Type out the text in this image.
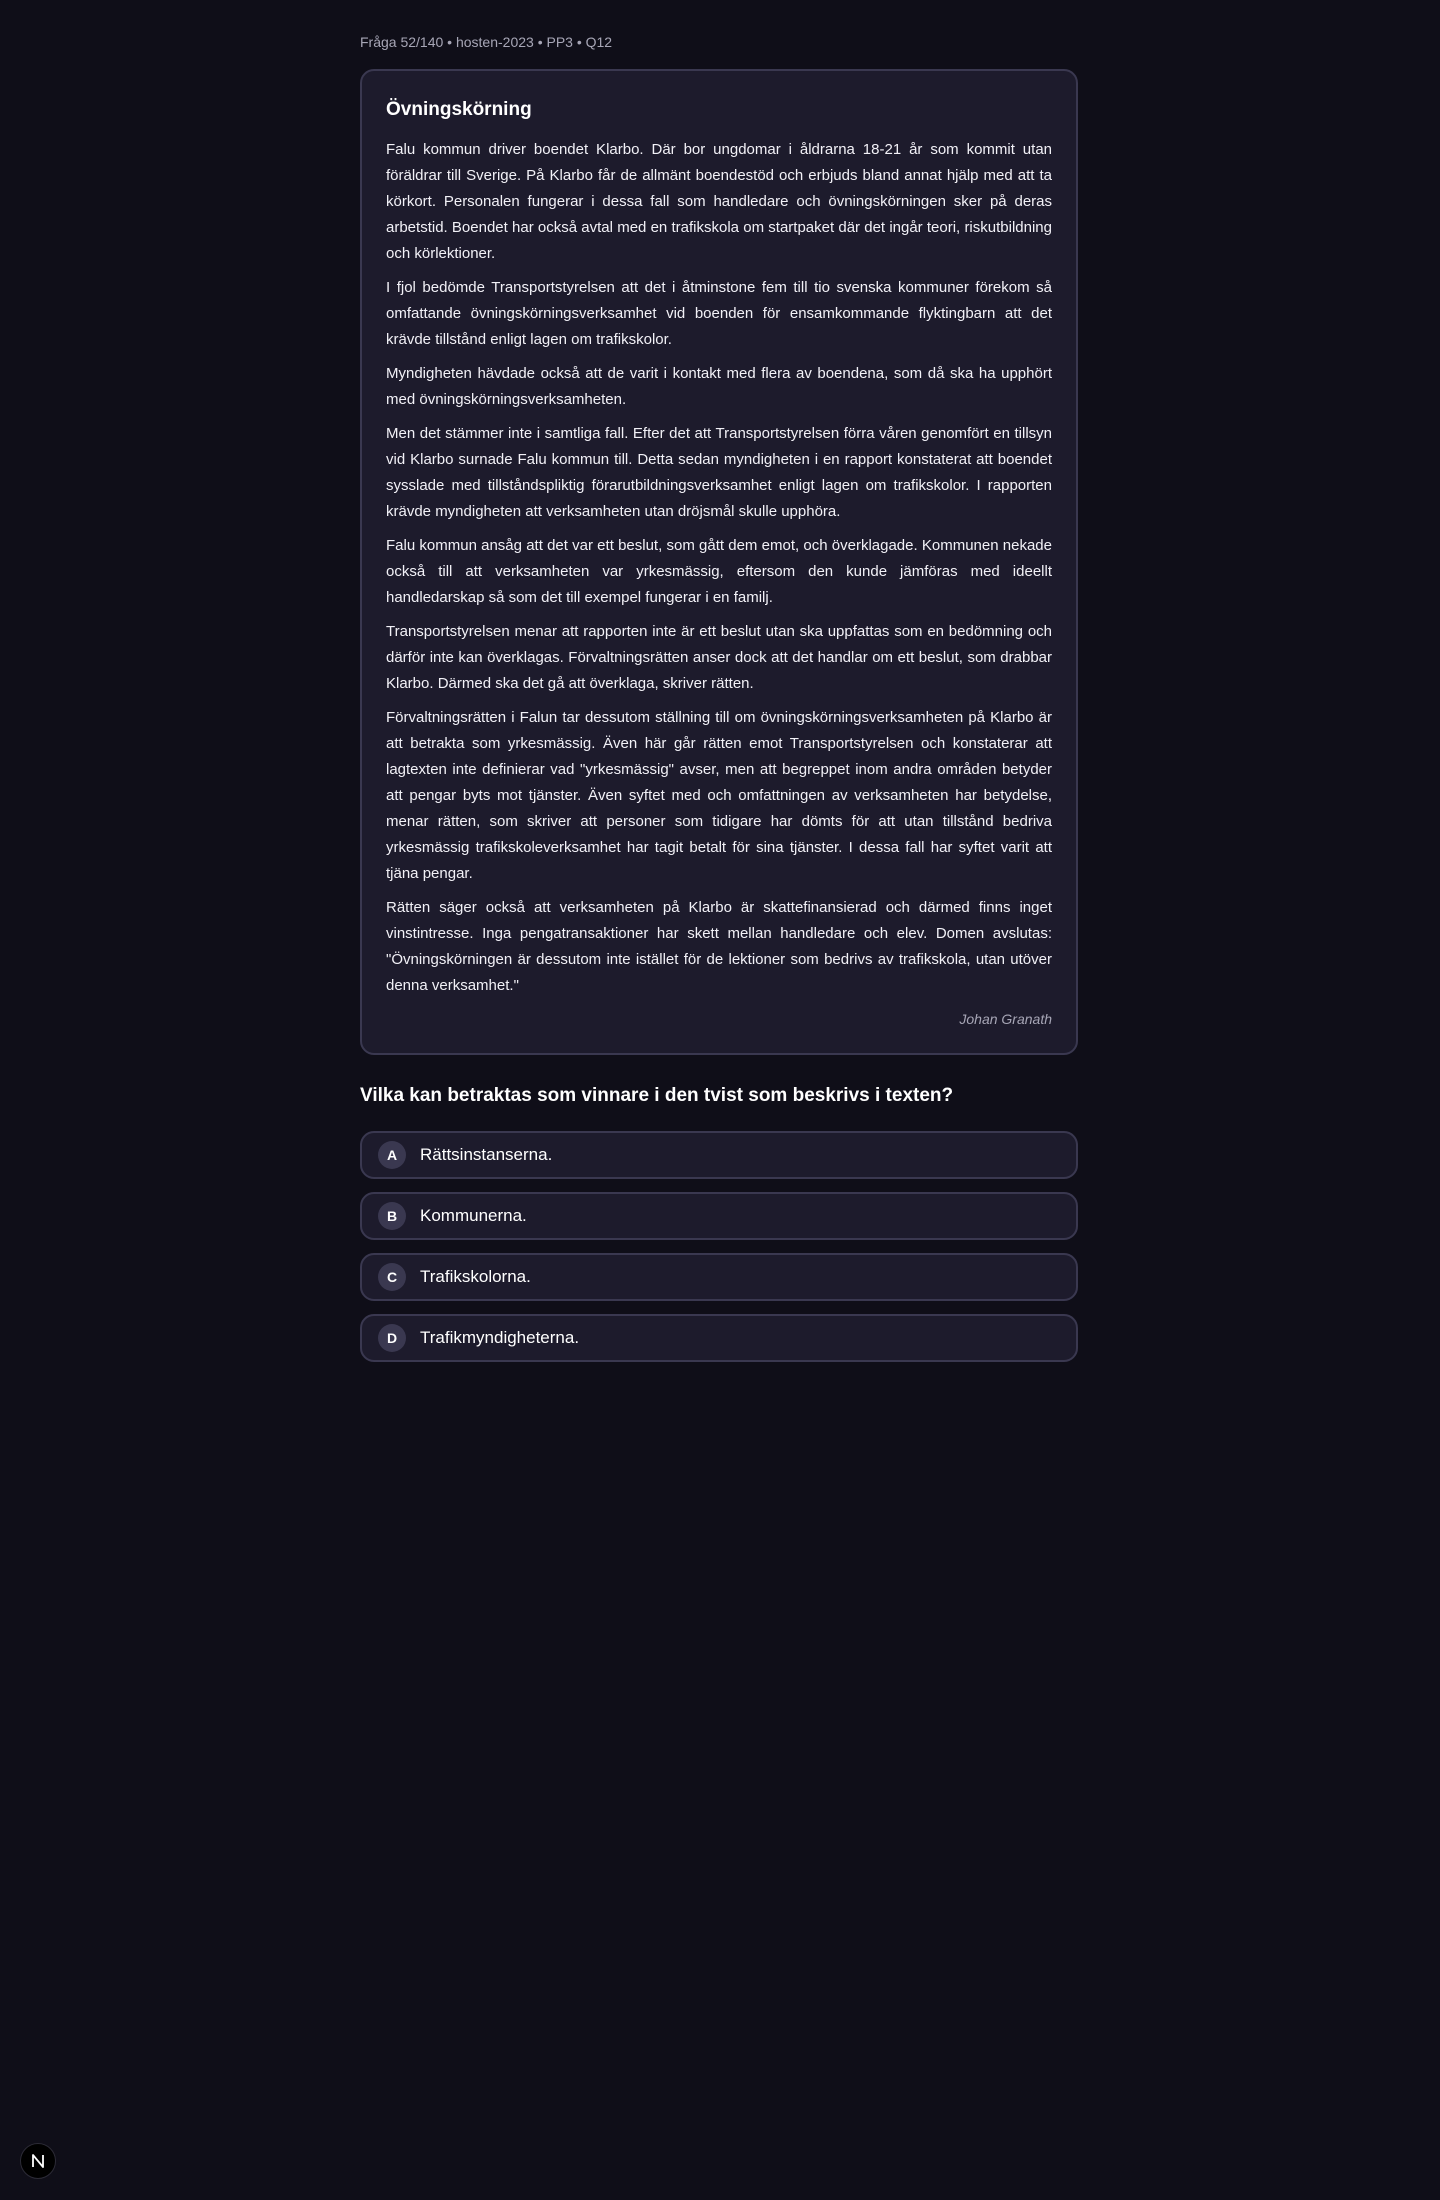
Fråga 52/140 • hosten-2023 • PP3 • Q12
Övningskörning

Falu kommun driver boendet Klarbo. Där bor ungdomar i åldrarna 18-21 år som kommit utan föräldrar till Sverige. På Klarbo får de allmänt boendestöd och erbjuds bland annat hjälp med att ta körkort. Personalen fungerar i dessa fall som handledare och övningskörningen sker på deras arbetstid. Boendet har också avtal med en trafikskola om startpaket där det ingår teori, riskutbildning och körlektioner.

I fjol bedömde Transportstyrelsen att det i åtminstone fem till tio svenska kommuner förekom så omfattande övningskörningsverksamhet vid boenden för ensamkommande flyktingbarn att det krävde tillstånd enligt lagen om trafikskolor.

Myndigheten hävdade också att de varit i kontakt med flera av boendena, som då ska ha upphört med övningskörningsverksamheten.

Men det stämmer inte i samtliga fall. Efter det att Transportstyrelsen förra våren genomfört en tillsyn vid Klarbo surnade Falu kommun till. Detta sedan myndigheten i en rapport konstaterat att boendet sysslade med tillståndspliktig förarutbildningsverksamhet enligt lagen om trafikskolor. I rapporten krävde myndigheten att verksamheten utan dröjsmål skulle upphöra.

Falu kommun ansåg att det var ett beslut, som gått dem emot, och överklagade. Kommunen nekade också till att verksamheten var yrkesmässig, eftersom den kunde jämföras med ideellt handledarskap så som det till exempel fungerar i en familj.

Transportstyrelsen menar att rapporten inte är ett beslut utan ska uppfattas som en bedömning och därför inte kan överklagas. Förvaltningsrätten anser dock att det handlar om ett beslut, som drabbar Klarbo. Därmed ska det gå att överklaga, skriver rätten.

Förvaltningsrätten i Falun tar dessutom ställning till om övningskörningsverksamheten på Klarbo är att betrakta som yrkesmässig. Även här går rätten emot Transportstyrelsen och konstaterar att lagtexten inte definierar vad "yrkesmässig" avser, men att begreppet inom andra områden betyder att pengar byts mot tjänster. Även syftet med och omfattningen av verksamheten har betydelse, menar rätten, som skriver att personer som tidigare har dömts för att utan tillstånd bedriva yrkesmässig trafikskoleverksamhet har tagit betalt för sina tjänster. I dessa fall har syftet varit att tjäna pengar.

Rätten säger också att verksamheten på Klarbo är skattefinansierad och därmed finns inget vinstintresse. Inga pengatransaktioner har skett mellan handledare och elev. Domen avslutas: "Övningskörningen är dessutom inte istället för de lektioner som bedrivs av trafikskola, utan utöver denna verksamhet."

Johan Granath
Vilka kan betraktas som vinnare i den tvist som beskrivs i texten?
A	Rättsinstanserna.
B	Kommunerna.
C	Trafikskolorna.
D	Trafikmyndigheterna.
